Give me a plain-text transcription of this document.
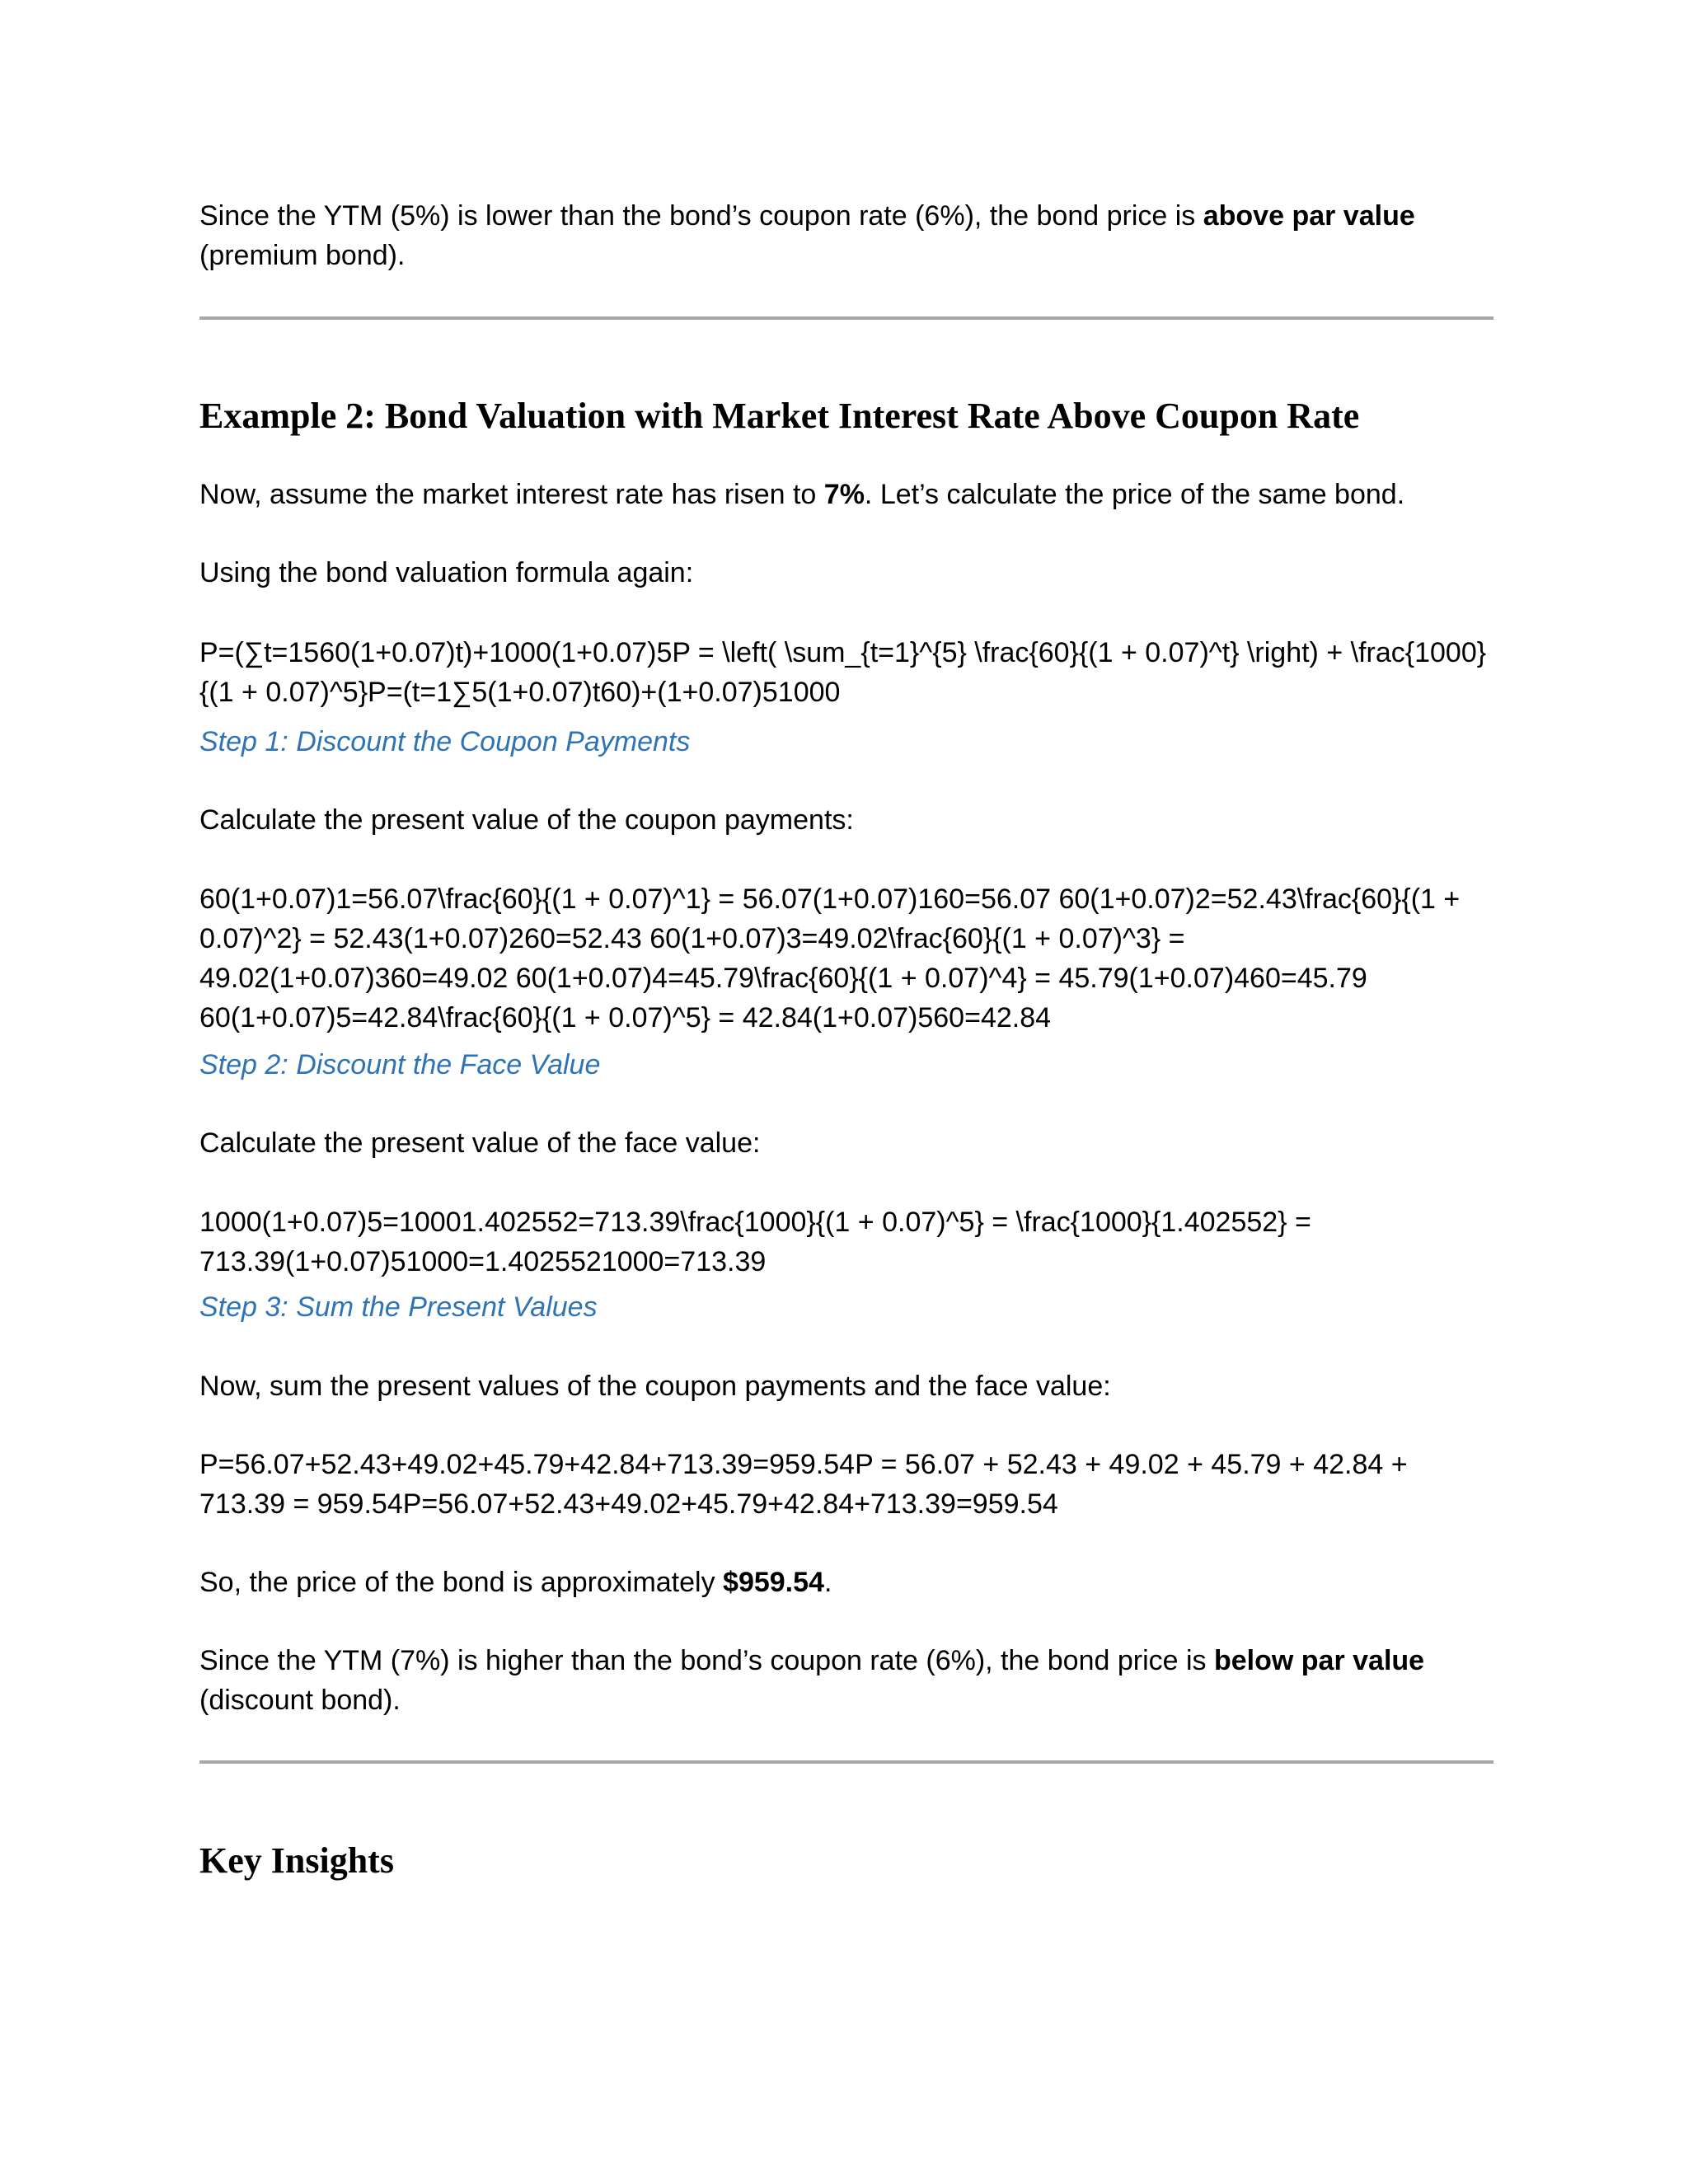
Since the YTM (5%) is lower than the bond’s coupon rate (6%), the bond price is above par value (premium bond).

Example 2: Bond Valuation with Market Interest Rate Above Coupon Rate

Now, assume the market interest rate has risen to 7%. Let’s calculate the price of the same bond.

Using the bond valuation formula again:

P=(∑t=1560(1+0.07)t)+1000(1+0.07)5P = \left( \sum_{t=1}^{5} \frac{60}{(1 + 0.07)^t} \right) + \frac{1000}{(1 + 0.07)^5}P=(t=1∑5(1+0.07)t60)+(1+0.07)51000

Step 1: Discount the Coupon Payments

Calculate the present value of the coupon payments:

60(1+0.07)1=56.07\frac{60}{(1 + 0.07)^1} = 56.07(1+0.07)160=56.07 60(1+0.07)2=52.43\frac{60}{(1 + 0.07)^2} = 52.43(1+0.07)260=52.43 60(1+0.07)3=49.02\frac{60}{(1 + 0.07)^3} = 49.02(1+0.07)360=49.02 60(1+0.07)4=45.79\frac{60}{(1 + 0.07)^4} = 45.79(1+0.07)460=45.79 60(1+0.07)5=42.84\frac{60}{(1 + 0.07)^5} = 42.84(1+0.07)560=42.84

Step 2: Discount the Face Value

Calculate the present value of the face value:

1000(1+0.07)5=10001.402552=713.39\frac{1000}{(1 + 0.07)^5} = \frac{1000}{1.402552} = 713.39(1+0.07)51000=1.4025521000=713.39

Step 3: Sum the Present Values

Now, sum the present values of the coupon payments and the face value:

P=56.07+52.43+49.02+45.79+42.84+713.39=959.54P = 56.07 + 52.43 + 49.02 + 45.79 + 42.84 + 713.39 = 959.54P=56.07+52.43+49.02+45.79+42.84+713.39=959.54

So, the price of the bond is approximately $959.54.

Since the YTM (7%) is higher than the bond’s coupon rate (6%), the bond price is below par value (discount bond).

Key Insights
